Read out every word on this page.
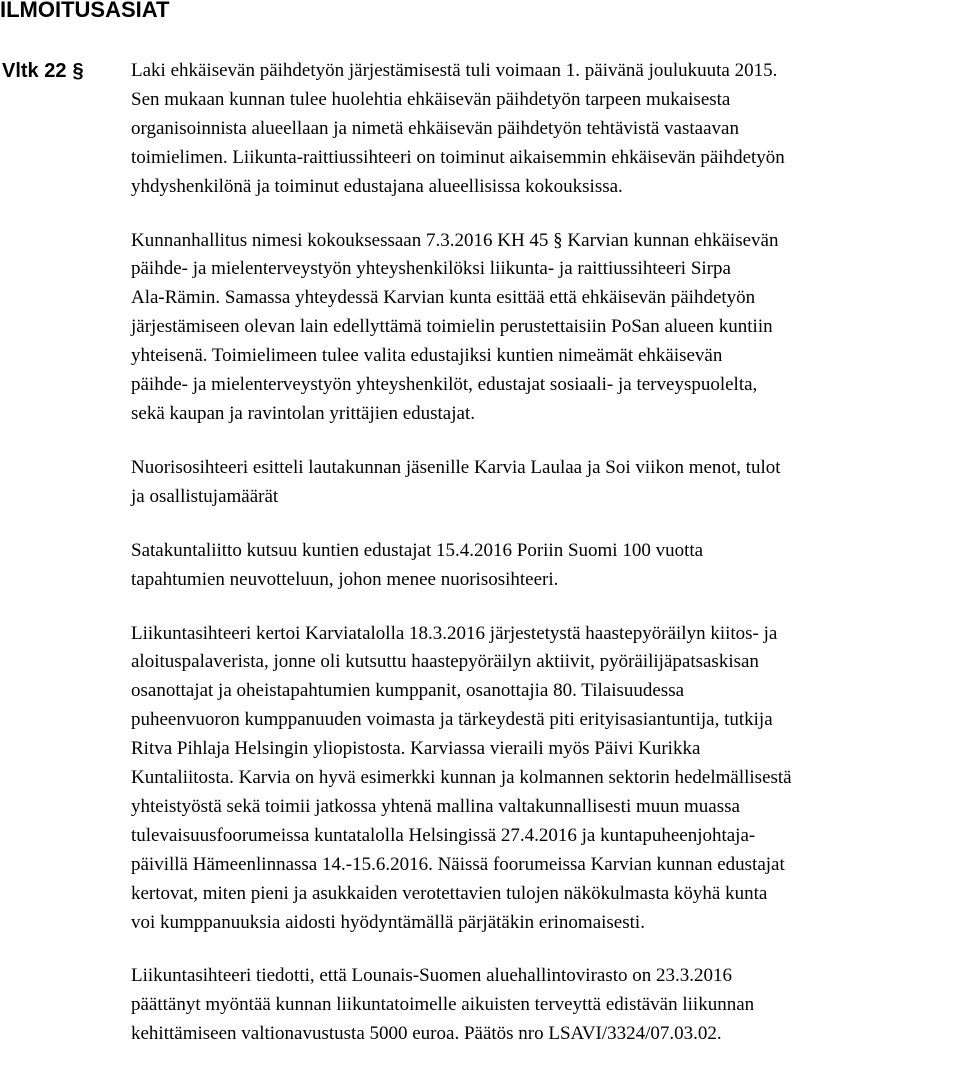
ILMOITUSASIAT
Vltk 22 § Laki ehkäisevän päihdetyön järjestämisestä tuli voimaan 1. päivänä joulukuuta 2015.
Sen mukaan kunnan tulee huolehtia ehkäisevän päihdetyön tarpeen mukaisesta
organisoinnista alueellaan ja nimetä ehkäisevän päihdetyön tehtävistä vastaavan
toimielimen. Liikunta-raittiussihteeri on toiminut aikaisemmin ehkäisevän päihdetyön
yhdyshenkilönä ja toiminut edustajana alueellisissa kokouksissa.

Kunnanhallitus nimesi kokouksessaan 7.3.2016 KH 45 § Karvian kunnan ehkäisevän
päihde- ja mielenterveystyön yhteyshenkilöksi liikunta- ja raittiussihteeri Sirpa
Ala-Rämin. Samassa yhteydessä Karvian kunta esittää että ehkäisevän päihdetyön
järjestämiseen olevan lain edellyttämä toimielin perustettaisiin PoSan alueen kuntiin
yhteisenä. Toimielimeen tulee valita edustajiksi kuntien nimeämät ehkäisevän
päihde- ja mielenterveystyön yhteyshenkilöt, edustajat sosiaali- ja terveyspuolelta,
sekä kaupan ja ravintolan yrittäjien edustajat.

Nuorisosihteeri esitteli lautakunnan jäsenille Karvia Laulaa ja Soi viikon menot, tulot
ja osallistujamäärät

Satakuntaliitto kutsuu kuntien edustajat 15.4.2016 Poriin Suomi 100 vuotta
tapahtumien neuvotteluun, johon menee nuorisosihteeri.

Liikuntasihteeri kertoi Karviatalolla 18.3.2016 järjestetystä haastepyöräilyn kiitos- ja
aloituspalaverista, jonne oli kutsuttu haastepyöräilyn aktiivit, pyöräilijäpatsaskisan
osanottajat ja oheistapahtumien kumppanit, osanottajia 80. Tilaisuudessa
puheenvuoron kumppanuuden voimasta ja tärkeydestä piti erityisasiantuntija, tutkija
Ritva Pihlaja Helsingin yliopistosta. Karviassa vieraili myös Päivi Kurikka
Kuntaliitosta. Karvia on hyvä esimerkki kunnan ja kolmannen sektorin hedelmällisestä
yhteistyöstä sekä toimii jatkossa yhtenä mallina valtakunnallisesti muun muassa
tulevaisuusfoorumeissa kuntatalolla Helsingissä 27.4.2016 ja kuntapuheenjohtaja-
päivillä Hämeenlinnassa 14.-15.6.2016. Näissä foorumeissa Karvian kunnan edustajat
kertovat, miten pieni ja asukkaiden verotettavien tulojen näkökulmasta köyhä kunta
voi kumppanuuksia aidosti hyödyntämällä pärjätäkin erinomaisesti.

Liikuntasihteeri tiedotti, että Lounais-Suomen aluehallintovirasto on 23.3.2016
päättänyt myöntää kunnan liikuntatoimelle aikuisten terveyttä edistävän liikunnan
kehittämiseen valtionavustusta 5000 euroa. Päätös nro LSAVI/3324/07.03.02.
